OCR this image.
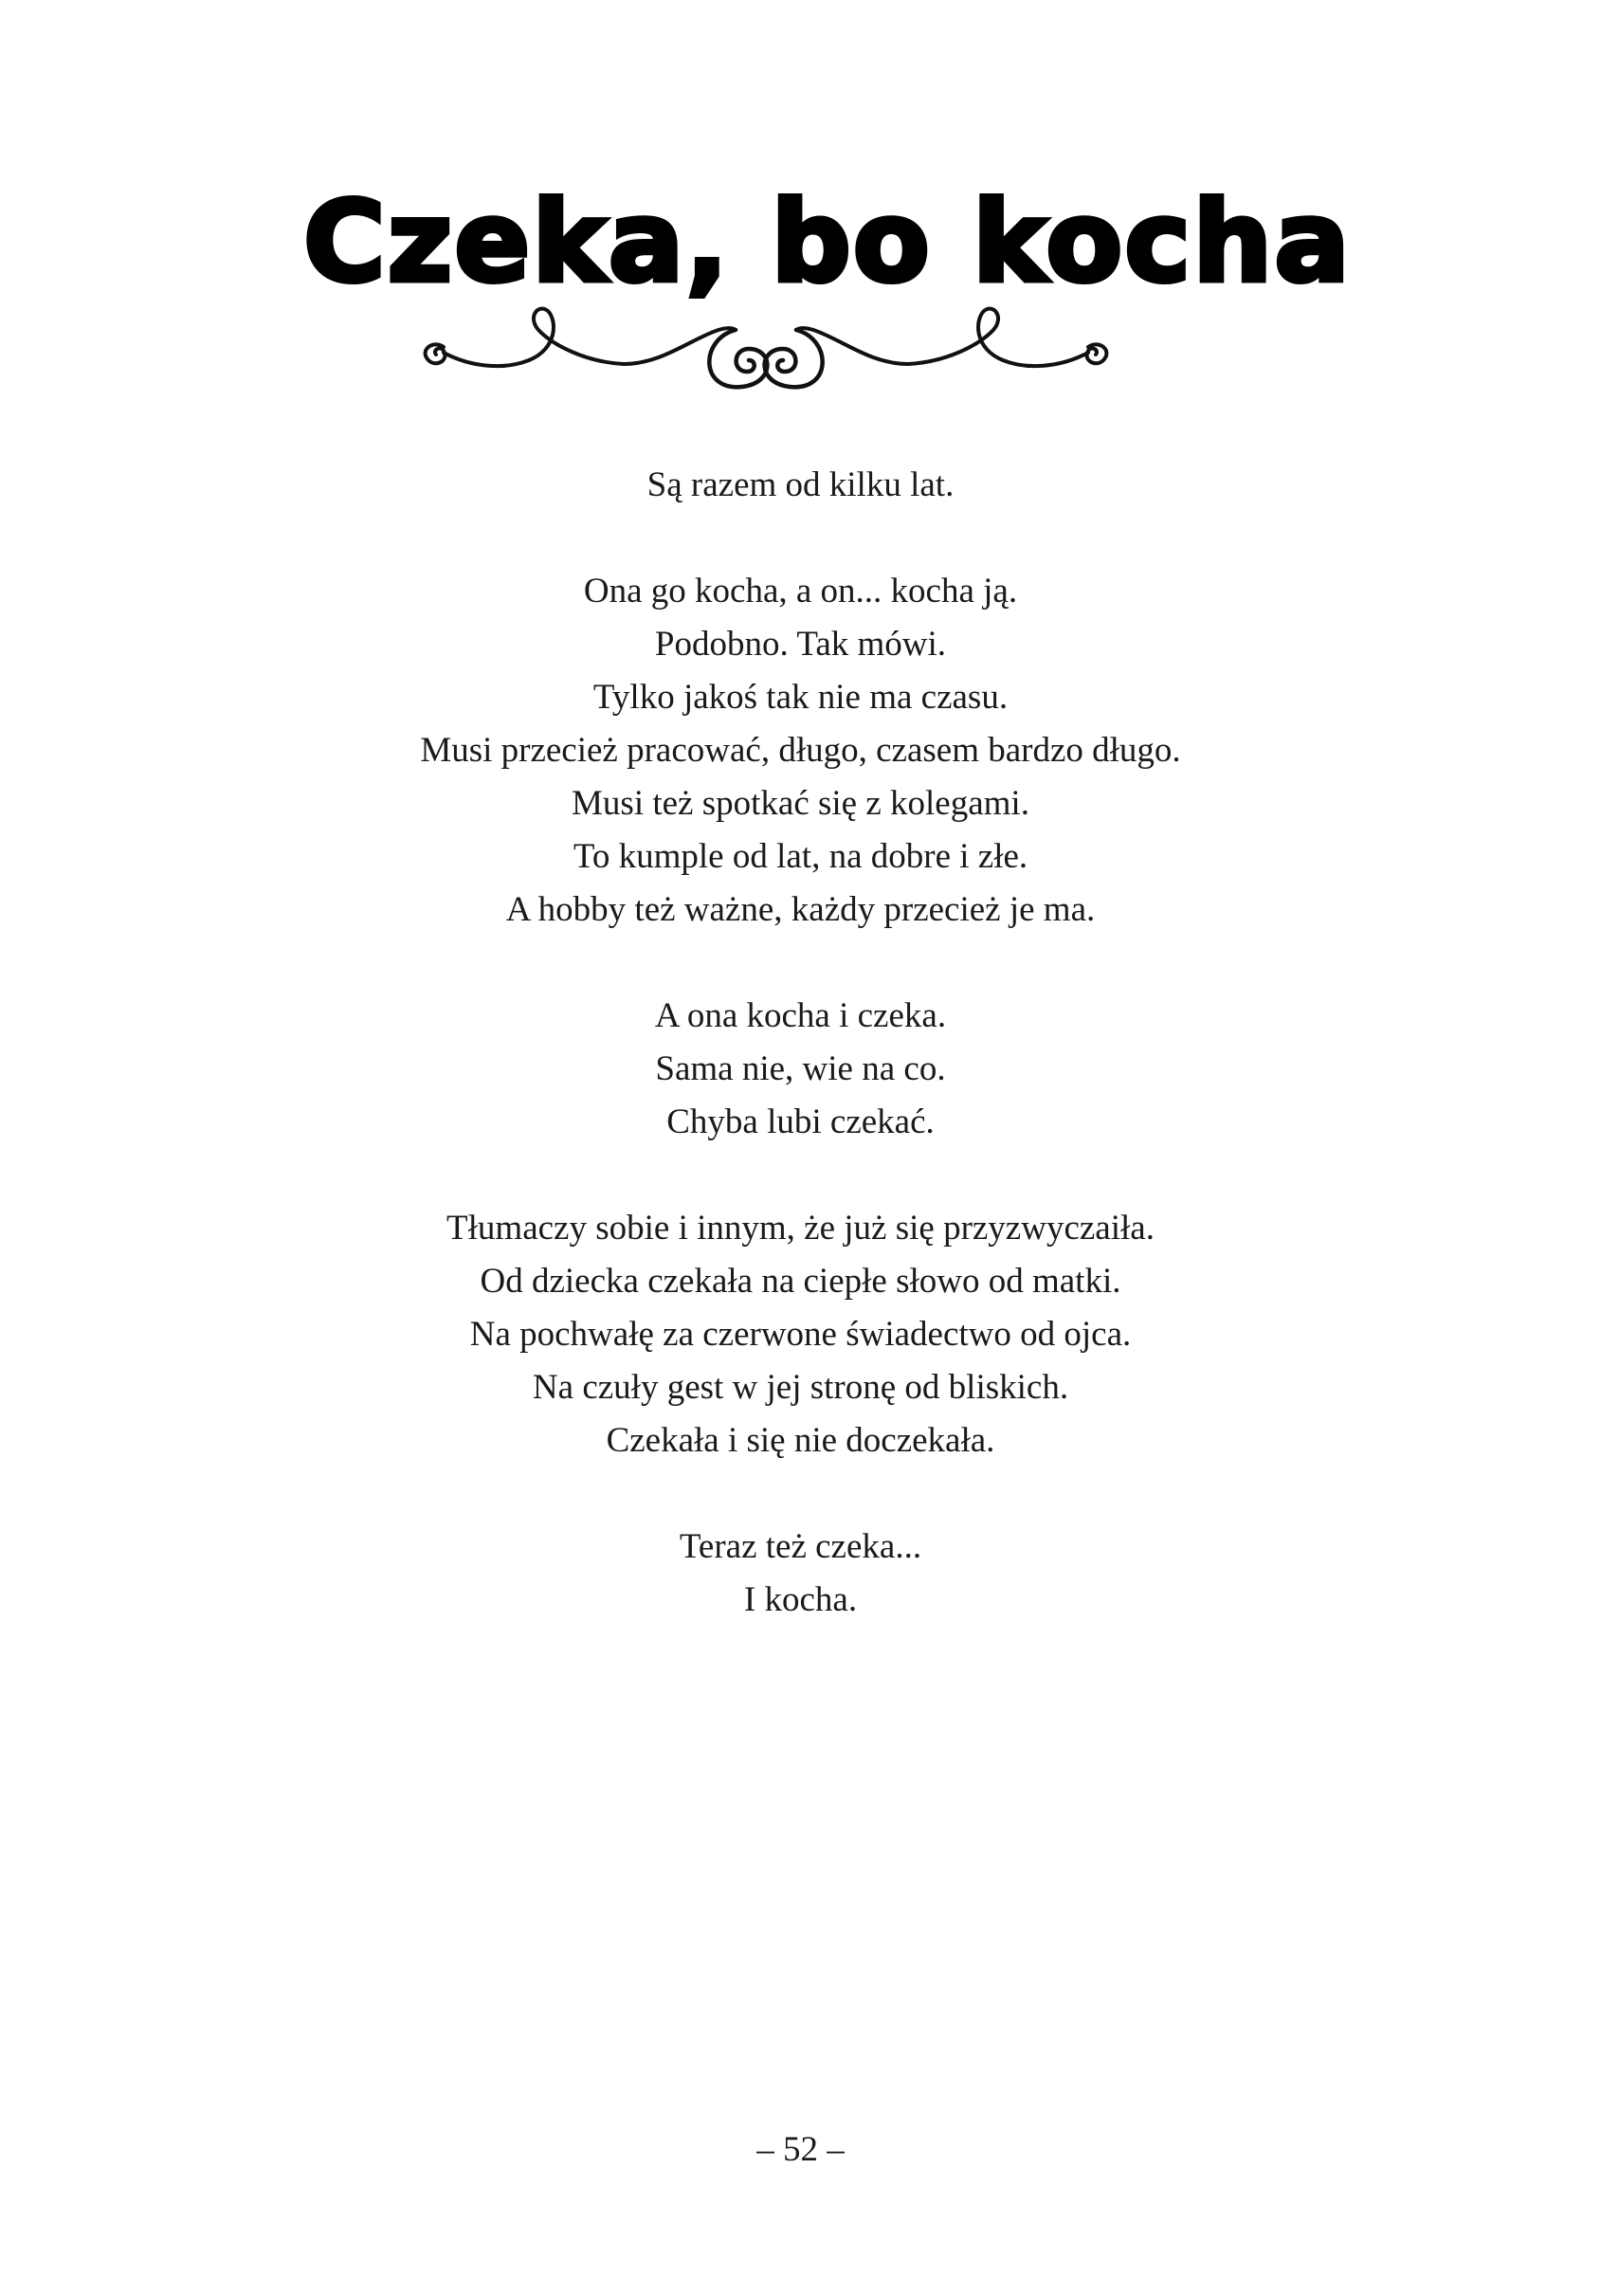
Czeka, bo kocha
Są razem od kilku lat.
Ona go kocha, a on... kocha ją.
Podobno. Tak mówi.
Tylko jakoś tak nie ma czasu.
Musi przecież pracować, długo, czasem bardzo długo.
Musi też spotkać się z kolegami.
To kumple od lat, na dobre i złe.
A hobby też ważne, każdy przecież je ma.
A ona kocha i czeka.
Sama nie, wie na co.
Chyba lubi czekać.
Tłumaczy sobie i innym, że już się przyzwyczaiła.
Od dziecka czekała na ciepłe słowo od matki.
Na pochwałę za czerwone świadectwo od ojca.
Na czuły gest w jej stronę od bliskich.
Czekała i się nie doczekała.
Teraz też czeka...
I kocha.
– 52 –
